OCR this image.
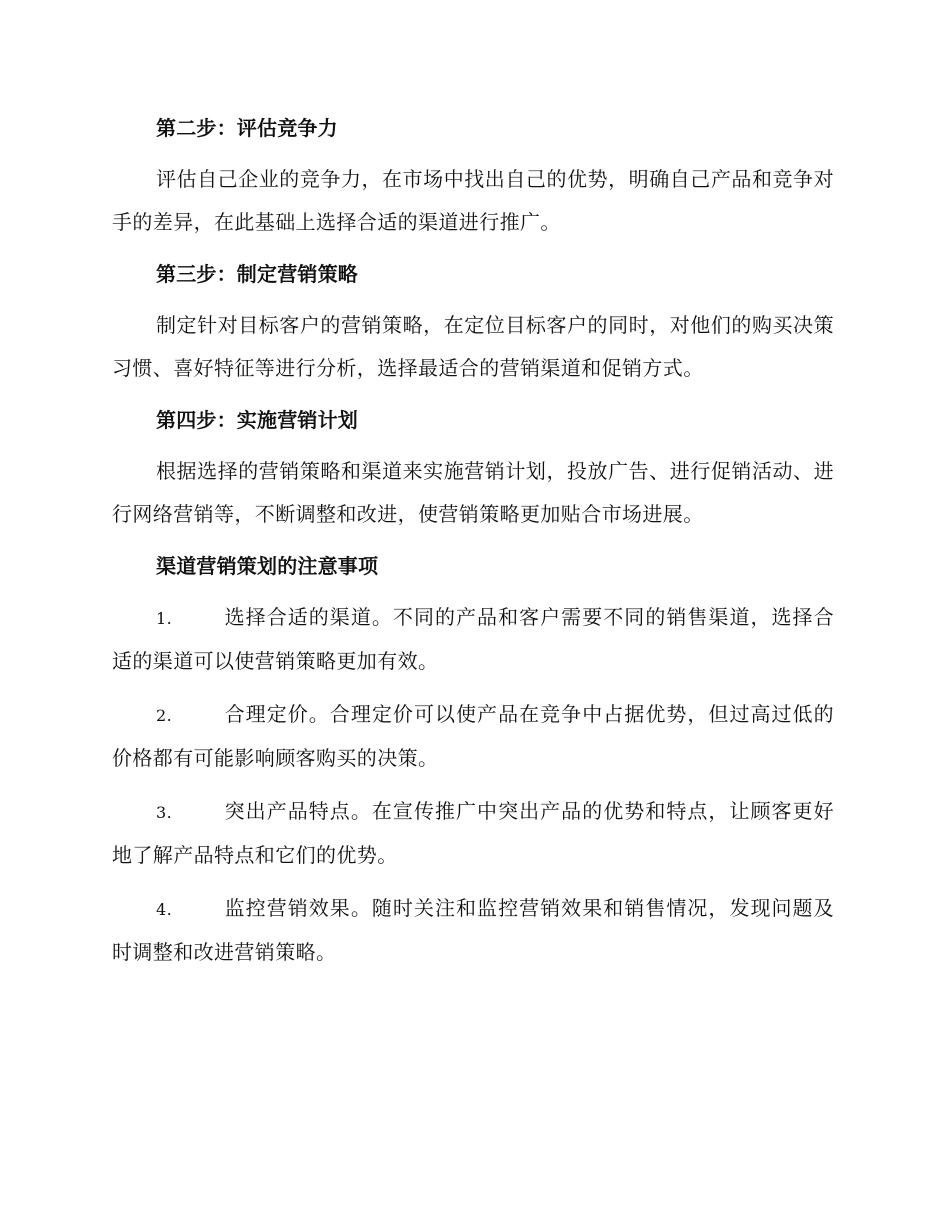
第二步：评估竞争力

评估自己企业的竞争力，在市场中找出自己的优势，明确自己产品和竞争对手的差异，在此基础上选择合适的渠道进行推广。

第三步：制定营销策略

制定针对目标客户的营销策略，在定位目标客户的同时，对他们的购买决策习惯、喜好特征等进行分析，选择最适合的营销渠道和促销方式。

第四步：实施营销计划

根据选择的营销策略和渠道来实施营销计划，投放广告、进行促销活动、进行网络营销等，不断调整和改进，使营销策略更加贴合市场进展。

渠道营销策划的注意事项

1.	选择合适的渠道。不同的产品和客户需要不同的销售渠道，选择合适的渠道可以使营销策略更加有效。

2.	合理定价。合理定价可以使产品在竞争中占据优势，但过高过低的价格都有可能影响顾客购买的决策。

3.	突出产品特点。在宣传推广中突出产品的优势和特点，让顾客更好地了解产品特点和它们的优势。

4.	监控营销效果。随时关注和监控营销效果和销售情况，发现问题及时调整和改进营销策略。
